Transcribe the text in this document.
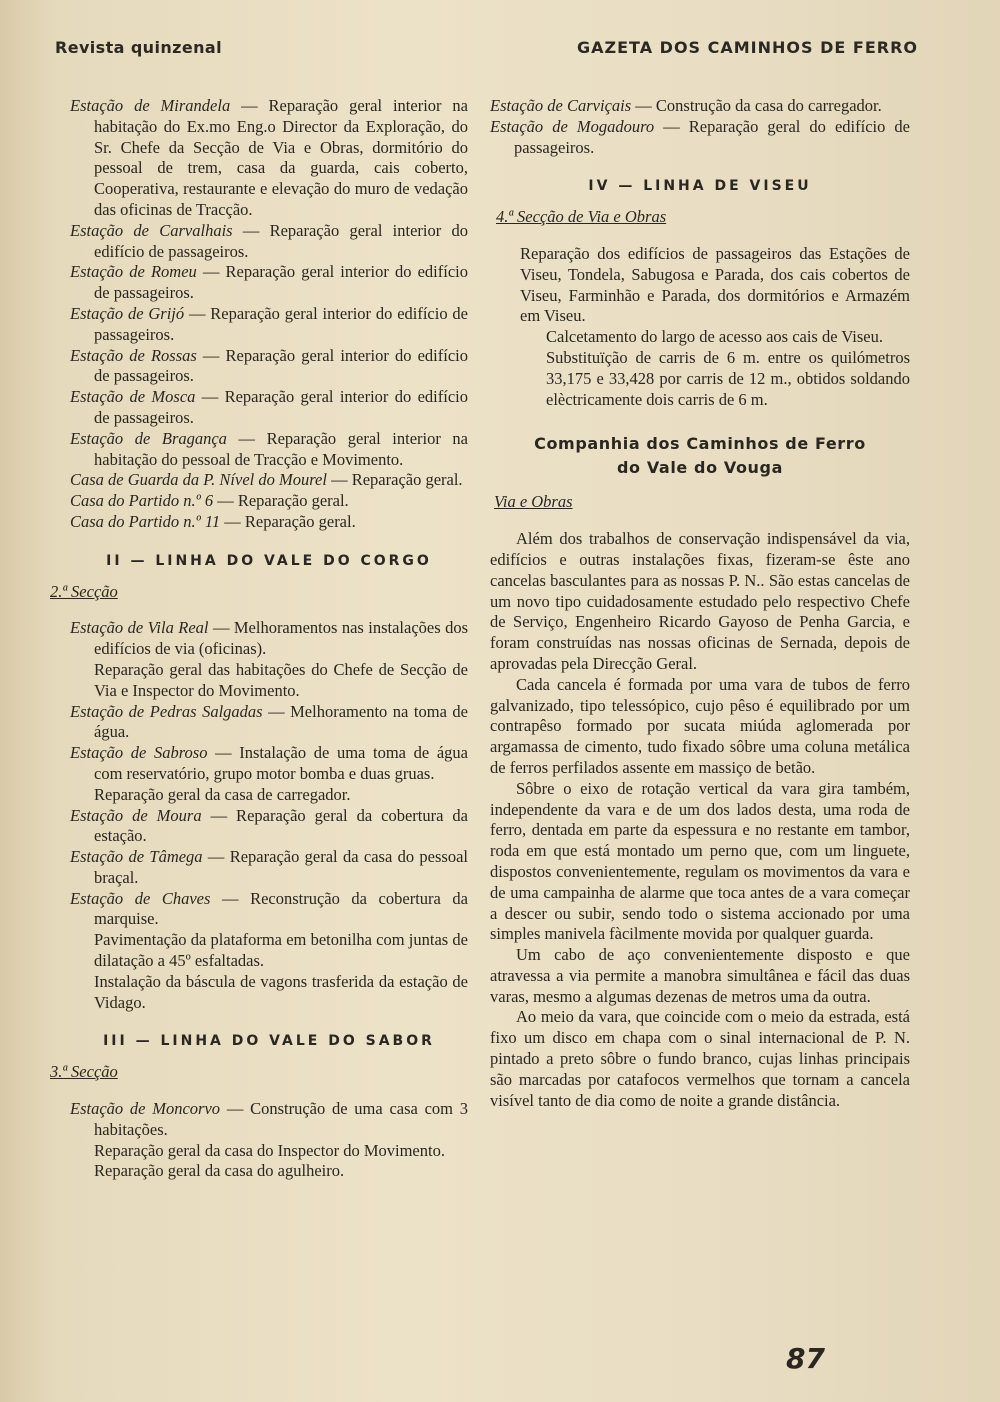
Revista quinzenal	GAZETA DOS CAMINHOS DE FERRO

Estação de Mirandela — Reparação geral interior na habitação do Ex.mo Eng.o Director da Exploração, do Sr. Chefe da Secção de Via e Obras, dormitório do pessoal de trem, casa da guarda, cais coberto, Cooperativa, restaurante e elevação do muro de vedação das oficinas de Tracção.

Estação de Carvalhais — Reparação geral interior do edifício de passageiros.

Estação de Romeu — Reparação geral interior do edifício de passageiros.

Estação de Grijó — Reparação geral interior do edifício de passageiros.

Estação de Rossas — Reparação geral interior do edifício de passageiros.

Estação de Mosca — Reparação geral interior do edifício de passageiros.

Estação de Bragança — Reparação geral interior na habitação do pessoal de Tracção e Movimento.

Casa de Guarda da P. Nível do Mourel — Reparação geral.

Casa do Partido n.º 6 — Reparação geral.

Casa do Partido n.º 11 — Reparação geral.

II — LINHA DO VALE DO CORGO
2.ª Secção

Estação de Vila Real — Melhoramentos nas instalações dos edifícios de via (oficinas).

Reparação geral das habitações do Chefe de Secção de Via e Inspector do Movimento.

Estação de Pedras Salgadas — Melhoramento na toma de água.

Estação de Sabroso — Instalação de uma toma de água com reservatório, grupo motor bomba e duas gruas.

Reparação geral da casa de carregador.

Estação de Moura — Reparação geral da cobertura da estação.

Estação de Tâmega — Reparação geral da casa do pessoal braçal.

Estação de Chaves — Reconstrução da cobertura da marquise.

Pavimentação da plataforma em betonilha com juntas de dilatação a 45º esfaltadas.

Instalação da báscula de vagons trasferida da estação de Vidago.

III — LINHA DO VALE DO SABOR
3.ª Secção

Estação de Moncorvo — Construção de uma casa com 3 habitações.

Reparação geral da casa do Inspector do Movimento.

Reparação geral da casa do agulheiro.

Estação de Carviçais — Construção da casa do carregador.

Estação de Mogadouro — Reparação geral do edifício de passageiros.

IV — LINHA DE VISEU
4.ª Secção de Via e Obras

Reparação dos edifícios de passageiros das Estações de Viseu, Tondela, Sabugosa e Parada, dos cais cobertos de Viseu, Farminhão e Parada, dos dormitórios e Armazém em Viseu.

Calcetamento do largo de acesso aos cais de Viseu.

Substituïção de carris de 6 m. entre os quilómetros 33,175 e 33,428 por carris de 12 m., obtidos soldando elèctricamente dois carris de 6 m.

Companhia dos Caminhos de Ferro
do Vale do Vouga
Via e Obras

Além dos trabalhos de conservação indispensável da via, edifícios e outras instalações fixas, fizeram-se êste ano cancelas basculantes para as nossas P. N.. São estas cancelas de um novo tipo cuidadosamente estudado pelo respectivo Chefe de Serviço, Engenheiro Ricardo Gayoso de Penha Garcia, e foram construídas nas nossas oficinas de Sernada, depois de aprovadas pela Direcção Geral.

Cada cancela é formada por uma vara de tubos de ferro galvanizado, tipo telessópico, cujo pêso é equilibrado por um contrapêso formado por sucata miúda aglomerada por argamassa de cimento, tudo fixado sôbre uma coluna metálica de ferros perfilados assente em massiço de betão.

Sôbre o eixo de rotação vertical da vara gira também, independente da vara e de um dos lados desta, uma roda de ferro, dentada em parte da espessura e no restante em tambor, roda em que está montado um perno que, com um linguete, dispostos convenientemente, regulam os movimentos da vara e de uma campainha de alarme que toca antes de a vara começar a descer ou subir, sendo todo o sistema accionado por uma simples manivela fàcilmente movida por qualquer guarda.

Um cabo de aço convenientemente disposto e que atravessa a via permite a manobra simultânea e fácil das duas varas, mesmo a algumas dezenas de metros uma da outra.

Ao meio da vara, que coincide com o meio da estrada, está fixo um disco em chapa com o sinal internacional de P. N. pintado a preto sôbre o fundo branco, cujas linhas principais são marcadas por catafocos vermelhos que tornam a cancela visível tanto de dia como de noite a grande distância.

87
